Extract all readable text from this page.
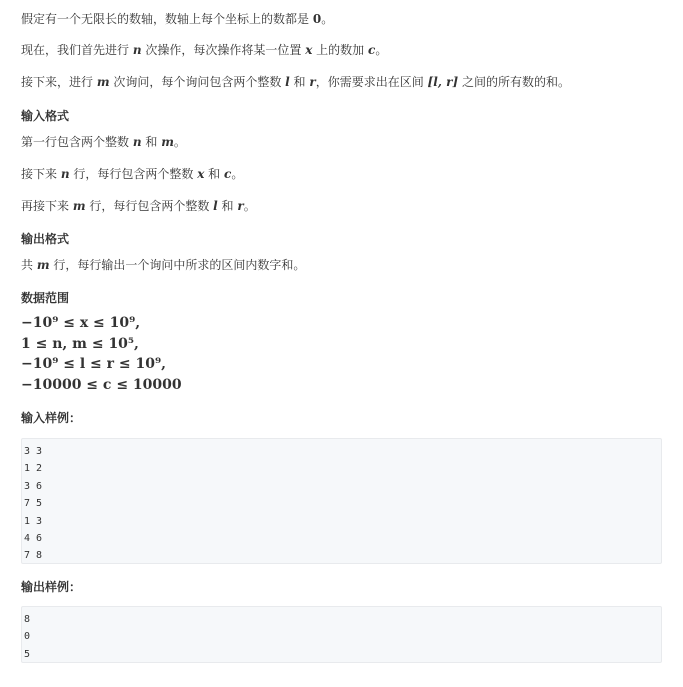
假定有一个无限长的数轴，数轴上每个坐标上的数都是 0。

现在，我们首先进行 n 次操作，每次操作将某一位置 x 上的数加 c。

接下来，进行 m 次询问，每个询问包含两个整数 l 和 r，你需要求出在区间 [l, r] 之间的所有数的和。

输入格式

第一行包含两个整数 n 和 m。

接下来 n 行，每行包含两个整数 x 和 c。

再接下来 m 行，每行包含两个整数 l 和 r。

输出格式

共 m 行，每行输出一个询问中所求的区间内数字和。

数据范围
−10⁹ ≤ x ≤ 10⁹,
1 ≤ n, m ≤ 10⁵,
−10⁹ ≤ l ≤ r ≤ 10⁹,
−10000 ≤ c ≤ 10000
输入样例：
3 3
1 2
3 6
7 5
1 3
4 6
7 8
输出样例：
8
0
5
